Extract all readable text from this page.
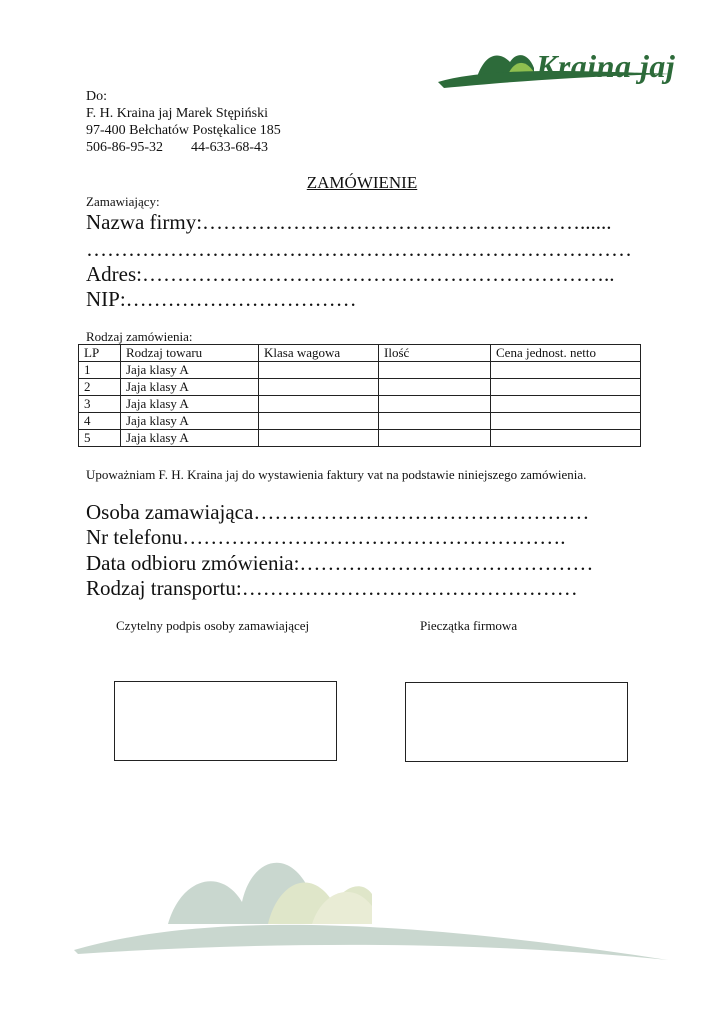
Kraina jaj
Do:
F. H. Kraina jaj Marek Stępiński
97-400 Bełchatów Postękalice 185
506-86-95-32 44-633-68-43
ZAMÓWIENIE
Zamawiający:
Nazwa firmy:………………………………………………......
……………………………………………………………………
Adres:…………………………………………………………..
NIP:……………………………
Rodzaj zamówienia:
LP	Rodzaj towaru	Klasa wagowa	Ilość	Cena jednost. netto
1	Jaja klasy A			
2	Jaja klasy A			
3	Jaja klasy A			
4	Jaja klasy A			
5	Jaja klasy A			
Upoważniam F. H. Kraina jaj do wystawienia faktury vat na podstawie niniejszego zamówienia.
Osoba zamawiająca…………………………………………
Nr telefonu……………………………………………….
Data odbioru zmówienia:……………………………………
Rodzaj transportu:…………………………………………
Czytelny podpis osoby zamawiającej	Pieczątka firmowa
